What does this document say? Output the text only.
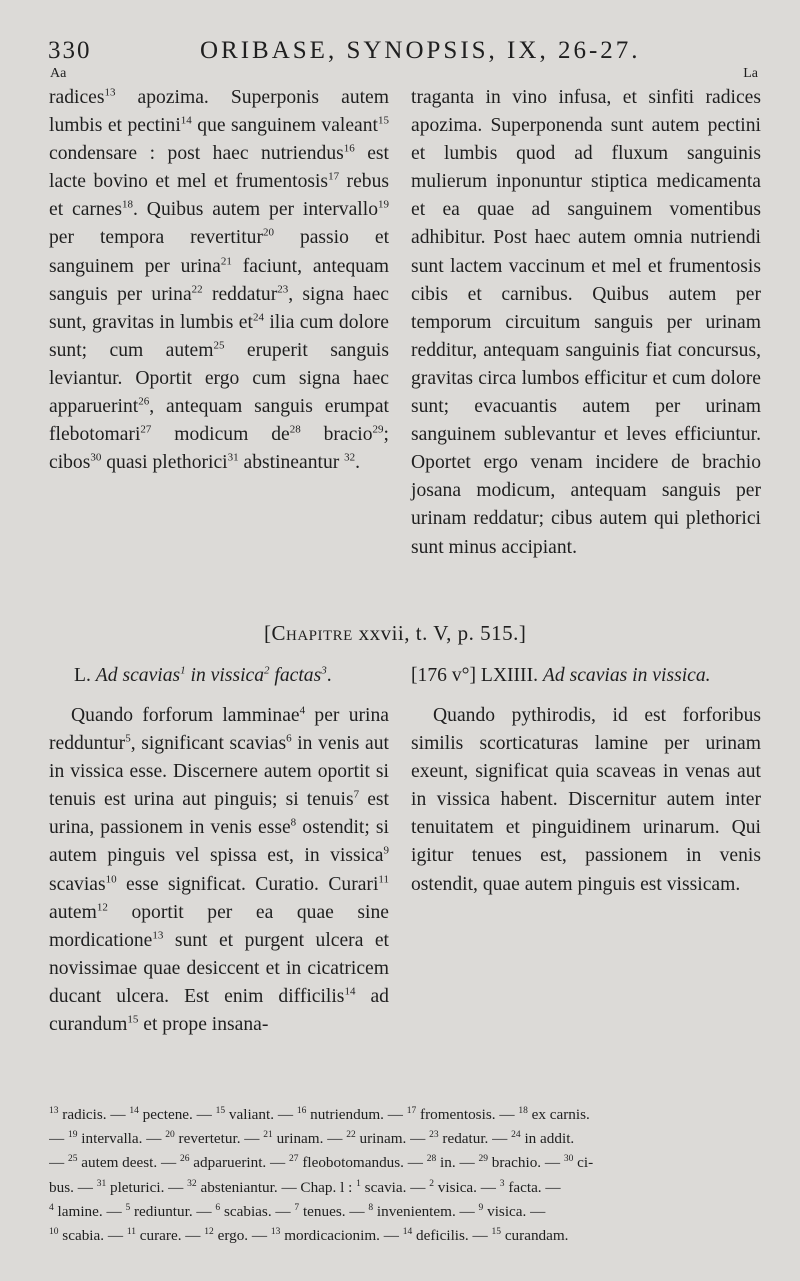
330	ORIBASE, SYNOPSIS, IX, 26-27.
Aa	La

radices$^{13}$ apozima. Superponis autem lumbis et pectini$^{14}$ que sanguinem valeant$^{15}$ condensare : post haec nutriendus$^{16}$ est lacte bovino et mel et frumentosis$^{17}$ rebus et carnes$^{18}$. Quibus autem per intervallo$^{19}$ per tempora revertitur$^{20}$ passio et sanguinem per urina$^{21}$ faciunt, antequam sanguis per urina$^{22}$ reddatur$^{23}$, signa haec sunt, gravitas in lumbis $et^{24}$ ilia cum dolore sunt; cum autem$^{25}$ eruperit sanguis leviantur. Oportit ergo cum signa haec apparuerint$^{26}$, antequam sanguis erumpat flebotomari$^{27}$ modicum $de^{28}$ bracio$^{29}$; cibos$^{30}$ quasi plethorici$^{31}$ abstineantur $^{32}$.

traganta in vino infusa, et sinfiti radices apozima. Superponenda sunt autem pectini et lumbis quod ad fluxum sanguinis mulierum inponuntur stiptica medicamenta et ea quae ad sanguinem vomentibus adhibitur. Post haec autem omnia nutriendi sunt lactem vaccinum et mel et frumentosis cibis et carnibus. Quibus autem per temporum circuitum sanguis per urinam redditur, antequam sanguinis fiat concursus, gravitas circa lumbos efficitur et cum dolore sunt; evacuantis autem per urinam sanguinem sublevantur et leves efficiuntur. Oportet ergo venam incidere de brachio josana modicum, antequam sanguis per urinam reddatur; cibus autem qui plethorici sunt minus accipiant.

[Chapitre xxvii, t. V, p. 515.]
L. Ad scavias$^1$ in vissica$^2$ factas$^3$.	[176 v°] LXIIII. Ad scavias in vissica.

Quando forforum lamminae$^4$ per urina redduntur$^5$, significant scavias$^6$ in venis aut in vissica esse. Discernere autem oportit si tenuis est urina aut pinguis; si tenuis$^7$ est urina, passionem in venis esse$^8$ ostendit; si autem pinguis vel spissa est, in vissica$^9$ scavias$^{10}$ esse significat. Curatio. Curari$^{11}$ autem$^{12}$ oportit per ea quae sine mordicatione$^{13}$ sunt et purgent ulcera et novissimae quae desiccent et in cicatricem ducant ulcera. Est enim difficilis$^{14}$ ad curandum$^{15}$ et prope insana-

Quando pythirodis, id est forforibus similis scorticaturas lamine per urinam exeunt, significat quia scaveas in venas aut in vissica habent. Discernitur autem inter tenuitatem et pinguidinem urinarum. Qui igitur tenues est, passionem in venis ostendit, quae autem pinguis est vissicam.

$^{13}$ radicis. — $^{14}$ pectene. — $^{15}$ valiant. — $^{16}$ nutriendum. — $^{17}$ fromentosis. — $^{18}$ ex carnis.
— $^{19}$ intervalla. — $^{20}$ revertetur. — $^{21}$ urinam. — $^{22}$ urinam. — $^{23}$ redatur. — $^{24}$ in addit.
— $^{25}$ autem deest. — $^{26}$ adparuerint. — $^{27}$ fleobotomandus. — $^{28}$ in. — $^{29}$ brachio. — $^{30}$ ci-
bus. — $^{31}$ pleturici. — $^{32}$ absteniantur. — Chap. l : $^1$ scavia. — $^2$ visica. — $^3$ facta. —
$^4$ lamine. — $^5$ rediuntur. — $^6$ scabias. — $^7$ tenues. — $^8$ invenientem. — $^9$ visica. —
$^{10}$ scabia. — $^{11}$ curare. — $^{12}$ ergo. — $^{13}$ mordicacionim. — $^{14}$ deficilis. — $^{15}$ curandam.
